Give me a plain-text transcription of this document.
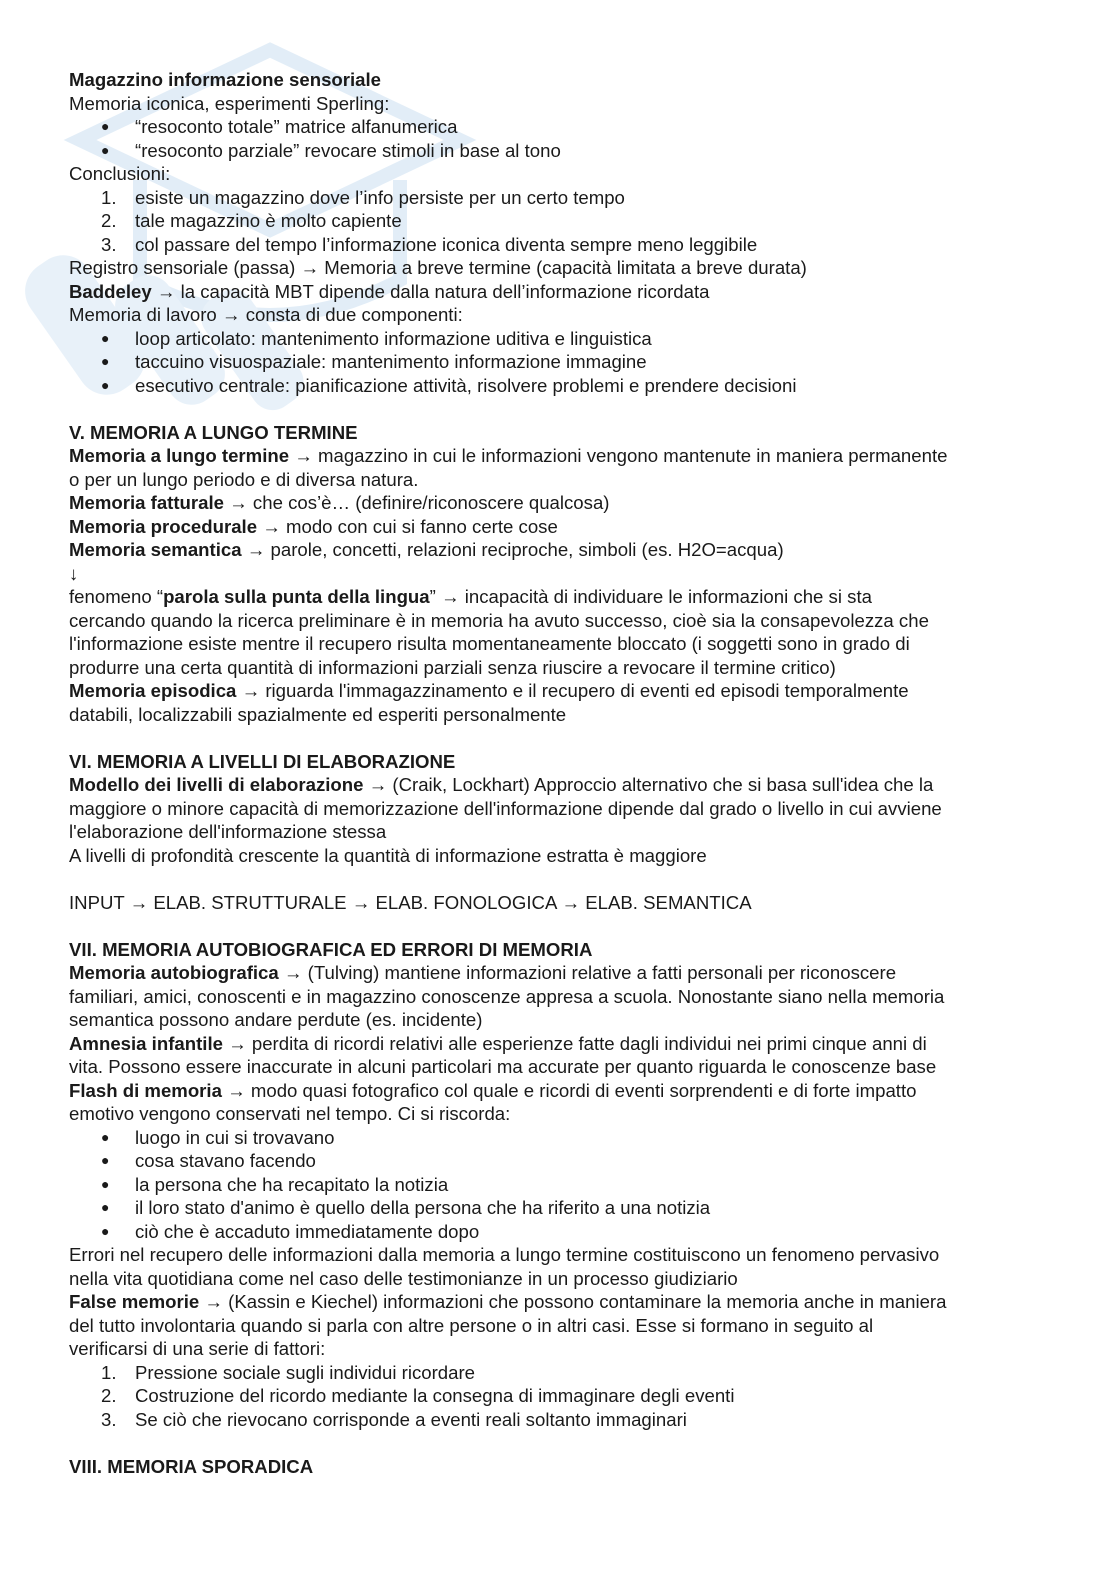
Magazzino informazione sensoriale

Memoria iconica, esperimenti Sperling:

● “resoconto totale” matrice alfanumerica
● “resoconto parziale” revocare stimoli in base al tono

Conclusioni:

1. esiste un magazzino dove l’info persiste per un certo tempo
2. tale magazzino è molto capiente
3. col passare del tempo l’informazione iconica diventa sempre meno leggibile

Registro sensoriale (passa) → Memoria a breve termine (capacità limitata a breve durata)

Baddeley → la capacità MBT dipende dalla natura dell’informazione ricordata

Memoria di lavoro → consta di due componenti:

● loop articolato: mantenimento informazione uditiva e linguistica
● taccuino visuospaziale: mantenimento informazione immagine
● esecutivo centrale: pianificazione attività, risolvere problemi e prendere decisioni

V. MEMORIA A LUNGO TERMINE

Memoria a lungo termine → magazzino in cui le informazioni vengono mantenute in maniera permanente

o per un lungo periodo e di diversa natura.

Memoria fatturale → che cos’è… (definire/riconoscere qualcosa)

Memoria procedurale → modo con cui si fanno certe cose

Memoria semantica → parole, concetti, relazioni reciproche, simboli (es. H2O=acqua)

↓

fenomeno “parola sulla punta della lingua” → incapacità di individuare le informazioni che si sta

cercando quando la ricerca preliminare è in memoria ha avuto successo, cioè sia la consapevolezza che

l'informazione esiste mentre il recupero risulta momentaneamente bloccato (i soggetti sono in grado di

produrre una certa quantità di informazioni parziali senza riuscire a revocare il termine critico)

Memoria episodica → riguarda l'immagazzinamento e il recupero di eventi ed episodi temporalmente

databili, localizzabili spazialmente ed esperiti personalmente

VI. MEMORIA A LIVELLI DI ELABORAZIONE

Modello dei livelli di elaborazione → (Craik, Lockhart) Approccio alternativo che si basa sull'idea che la

maggiore o minore capacità di memorizzazione dell'informazione dipende dal grado o livello in cui avviene

l'elaborazione dell'informazione stessa

A livelli di profondità crescente la quantità di informazione estratta è maggiore

INPUT → ELAB. STRUTTURALE → ELAB. FONOLOGICA → ELAB. SEMANTICA

VII. MEMORIA AUTOBIOGRAFICA ED ERRORI DI MEMORIA

Memoria autobiografica → (Tulving) mantiene informazioni relative a fatti personali per riconoscere

familiari, amici, conoscenti e in magazzino conoscenze appresa a scuola. Nonostante siano nella memoria

semantica possono andare perdute (es. incidente)

Amnesia infantile → perdita di ricordi relativi alle esperienze fatte dagli individui nei primi cinque anni di

vita. Possono essere inaccurate in alcuni particolari ma accurate per quanto riguarda le conoscenze base

Flash di memoria → modo quasi fotografico col quale e ricordi di eventi sorprendenti e di forte impatto

emotivo vengono conservati nel tempo. Ci si riscorda:

● luogo in cui si trovavano
● cosa stavano facendo
● la persona che ha recapitato la notizia
● il loro stato d'animo è quello della persona che ha riferito a una notizia
● ciò che è accaduto immediatamente dopo

Errori nel recupero delle informazioni dalla memoria a lungo termine costituiscono un fenomeno pervasivo

nella vita quotidiana come nel caso delle testimonianze in un processo giudiziario

False memorie → (Kassin e Kiechel) informazioni che possono contaminare la memoria anche in maniera

del tutto involontaria quando si parla con altre persone o in altri casi. Esse si formano in seguito al

verificarsi di una serie di fattori:

1. Pressione sociale sugli individui ricordare
2. Costruzione del ricordo mediante la consegna di immaginare degli eventi
3. Se ciò che rievocano corrisponde a eventi reali soltanto immaginari

VIII. MEMORIA SPORADICA
